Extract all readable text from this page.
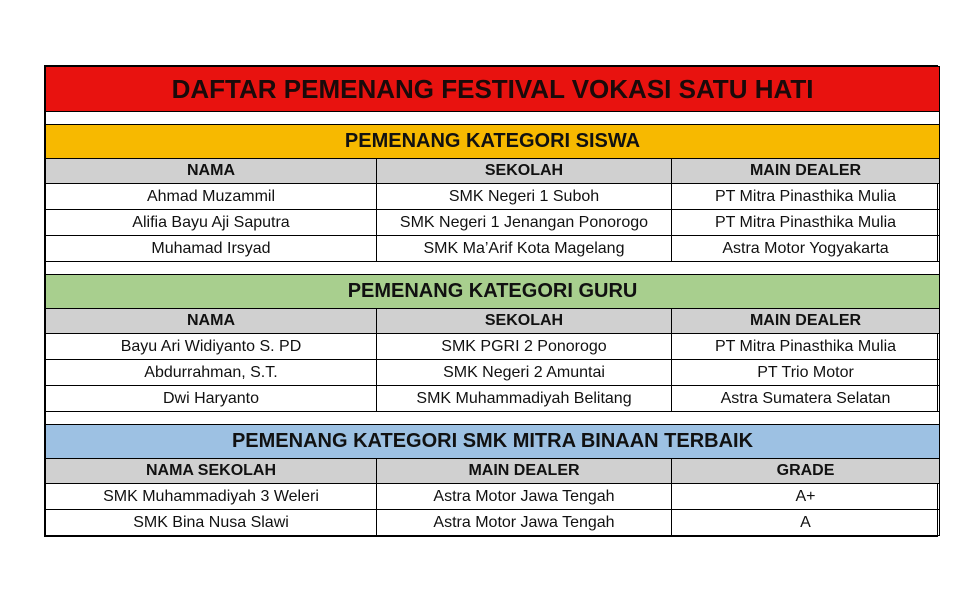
DAFTAR PEMENANG FESTIVAL VOKASI SATU HATI		

PEMENANG KATEGORI SISWA		
NAMA	SEKOLAH	MAIN DEALER
Ahmad Muzammil	SMK Negeri 1 Suboh	PT Mitra Pinasthika Mulia
Alifia Bayu Aji Saputra	SMK Negeri 1 Jenangan Ponorogo	PT Mitra Pinasthika Mulia
Muhamad Irsyad	SMK Ma’Arif Kota Magelang	Astra Motor Yogyakarta

PEMENANG KATEGORI GURU		
NAMA	SEKOLAH	MAIN DEALER
Bayu Ari Widiyanto S. PD	SMK PGRI 2 Ponorogo	PT Mitra Pinasthika Mulia
Abdurrahman, S.T.	SMK Negeri 2 Amuntai	PT Trio Motor
Dwi Haryanto	SMK Muhammadiyah Belitang	Astra Sumatera Selatan

PEMENANG KATEGORI SMK MITRA BINAAN TERBAIK		
NAMA SEKOLAH	MAIN DEALER	GRADE
SMK Muhammadiyah 3 Weleri	Astra Motor Jawa Tengah	A+
SMK Bina Nusa Slawi	Astra Motor Jawa Tengah	A
